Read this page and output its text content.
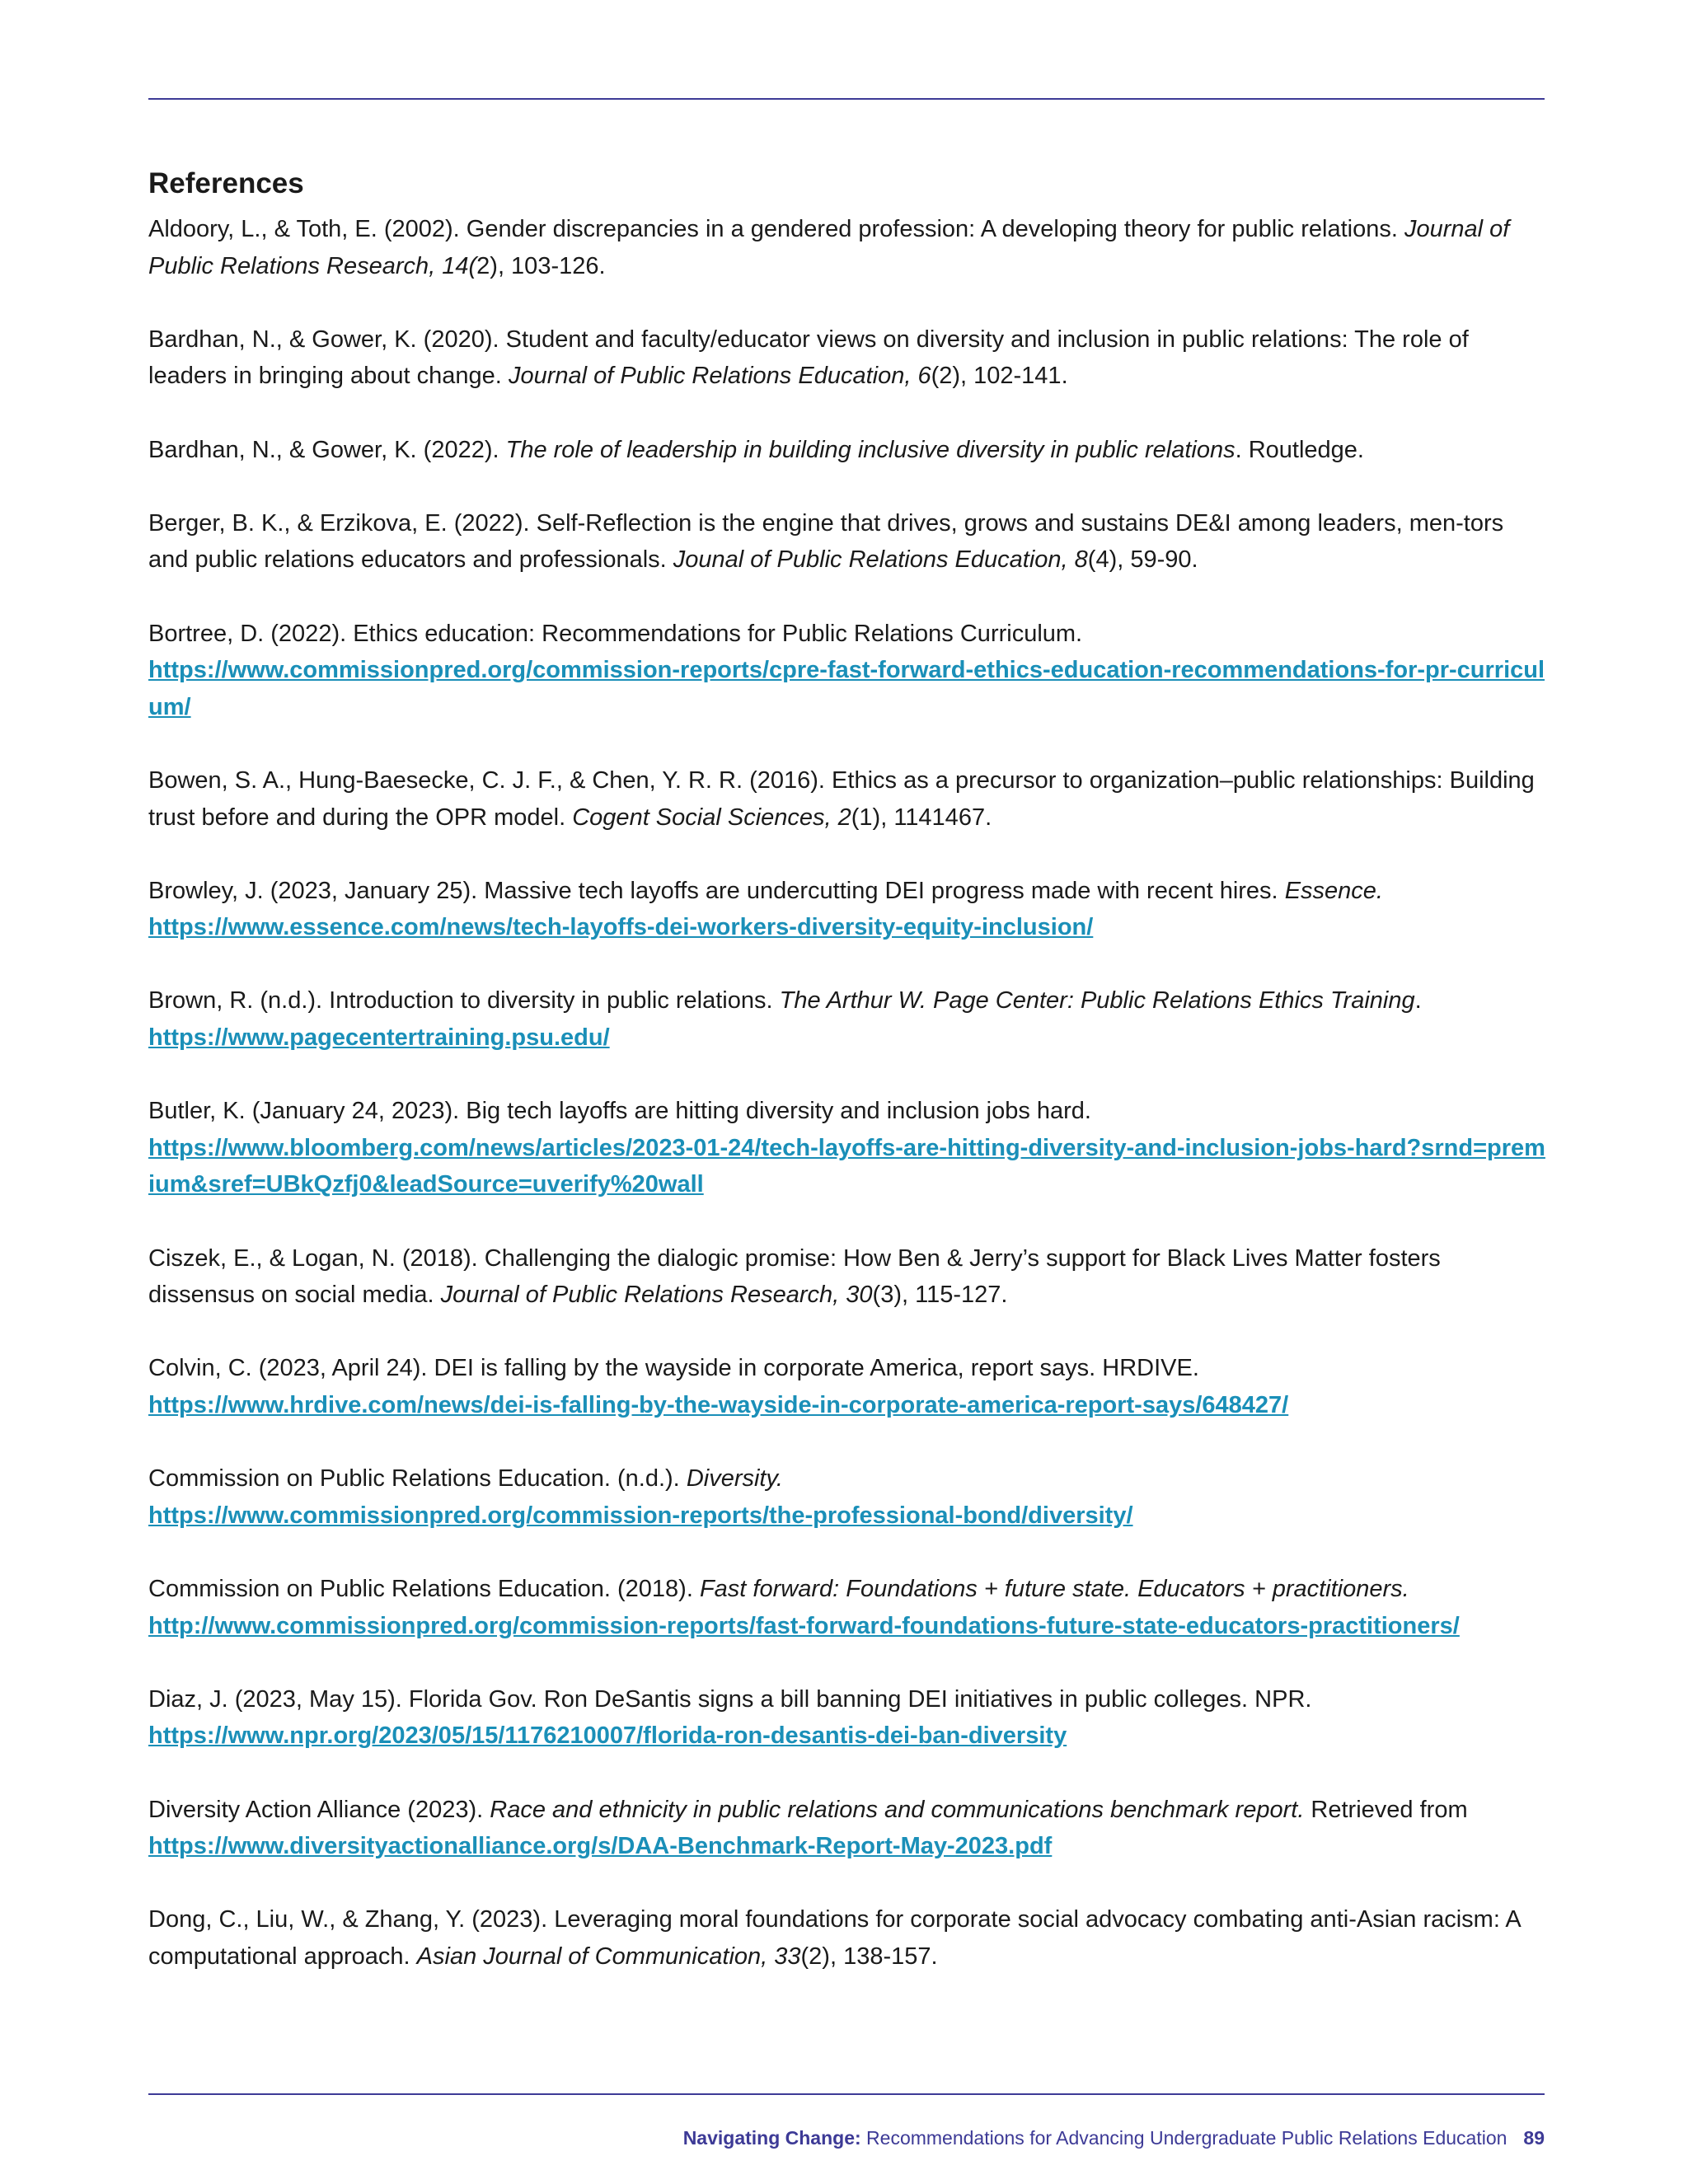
References

Aldoory, L., & Toth, E. (2002). Gender discrepancies in a gendered profession: A developing theory for public relations. Journal of Public Relations Research, 14(2), 103-126.

Bardhan, N., & Gower, K. (2020). Student and faculty/educator views on diversity and inclusion in public relations: The role of leaders in bringing about change. Journal of Public Relations Education, 6(2), 102-141.

Bardhan, N., & Gower, K. (2022). The role of leadership in building inclusive diversity in public relations. Routledge.

Berger, B. K., & Erzikova, E. (2022). Self-Reflection is the engine that drives, grows and sustains DE&I among leaders, men-tors and public relations educators and professionals. Jounal of Public Relations Education, 8(4), 59-90.

Bortree, D. (2022). Ethics education: Recommendations for Public Relations Curriculum.
https://www.commissionpred.org/commission-reports/cpre-fast-forward-ethics-education-recommendations-for-pr-curriculum/

Bowen, S. A., Hung-Baesecke, C. J. F., & Chen, Y. R. R. (2016). Ethics as a precursor to organization–public relationships: Building trust before and during the OPR model. Cogent Social Sciences, 2(1), 1141467.

Browley, J. (2023, January 25). Massive tech layoffs are undercutting DEI progress made with recent hires. Essence.
https://www.essence.com/news/tech-layoffs-dei-workers-diversity-equity-inclusion/

Brown, R. (n.d.). Introduction to diversity in public relations. The Arthur W. Page Center: Public Relations Ethics Training.
https://www.pagecentertraining.psu.edu/

Butler, K. (January 24, 2023). Big tech layoffs are hitting diversity and inclusion jobs hard.
https://www.bloomberg.com/news/articles/2023-01-24/tech-layoffs-are-hitting-diversity-and-inclusion-jobs-hard?srnd=premium&sref=UBkQzfj0&leadSource=uverify%20wall

Ciszek, E., & Logan, N. (2018). Challenging the dialogic promise: How Ben & Jerry’s support for Black Lives Matter fosters dissensus on social media. Journal of Public Relations Research, 30(3), 115-127.

Colvin, C. (2023, April 24). DEI is falling by the wayside in corporate America, report says. HRDIVE.
https://www.hrdive.com/news/dei-is-falling-by-the-wayside-in-corporate-america-report-says/648427/

Commission on Public Relations Education. (n.d.). Diversity.
https://www.commissionpred.org/commission-reports/the-professional-bond/diversity/

Commission on Public Relations Education. (2018). Fast forward: Foundations + future state. Educators + practitioners.
http://www.commissionpred.org/commission-reports/fast-forward-foundations-future-state-educators-practitioners/

Diaz, J. (2023, May 15). Florida Gov. Ron DeSantis signs a bill banning DEI initiatives in public colleges. NPR.
https://www.npr.org/2023/05/15/1176210007/florida-ron-desantis-dei-ban-diversity

Diversity Action Alliance (2023). Race and ethnicity in public relations and communications benchmark report. Retrieved from
https://www.diversityactionalliance.org/s/DAA-Benchmark-Report-May-2023.pdf

Dong, C., Liu, W., & Zhang, Y. (2023). Leveraging moral foundations for corporate social advocacy combating anti-Asian racism: A computational approach. Asian Journal of Communication, 33(2), 138-157.

Navigating Change: Recommendations for Advancing Undergraduate Public Relations Education 89
